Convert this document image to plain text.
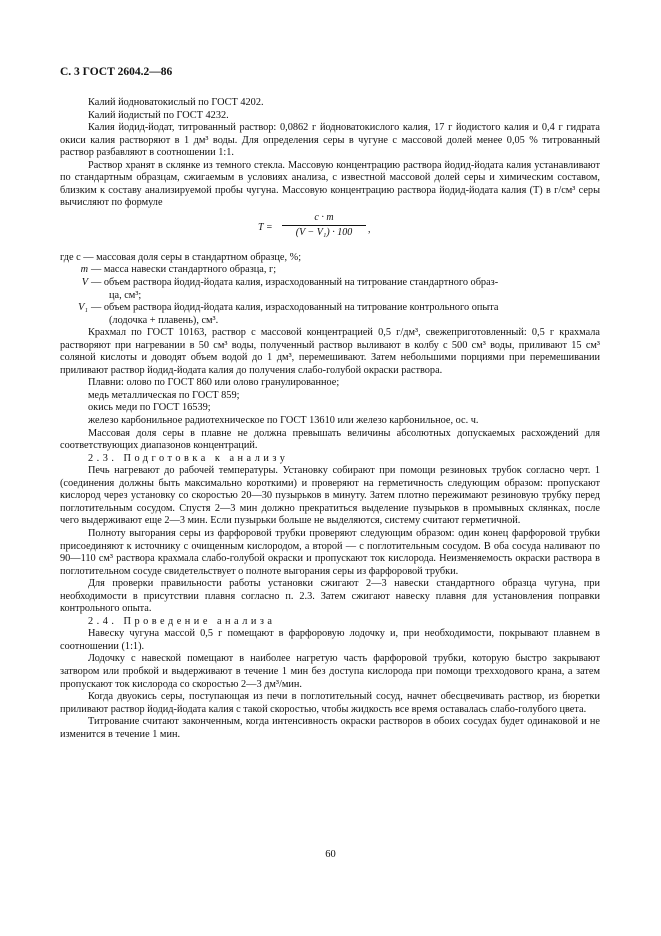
С. 3 ГОСТ 2604.2—86

Калий йодноватокислый по ГОСТ 4202.

Калий йодистый по ГОСТ 4232.

Калия йодид-йодат, титрованный раствор: 0,0862 г йодноватокислого калия, 17 г йодистого калия и 0,4 г гидрата окиси калия растворяют в 1 дм³ воды. Для определения серы в чугуне с массовой долей менее 0,05 % титрованный раствор разбавляют в соотношении 1:1.

Раствор хранят в склянке из темного стекла. Массовую концентрацию раствора йодид-йодата калия устанавливают по стандартным образцам, сжигаемым в условиях анализа, с известной массовой долей серы и химическим составом, близким к составу анализируемой пробы чугуна. Массовую концентрацию раствора йодид-йодата калия (Т) в г/см³ серы вычисляют по формуле

$T = \frac{c \cdot m}{\text{(V − V₁) · 100}}$ ,

где c — массовая доля серы в стандартном образце, %;

m — масса навески стандартного образца, г;
V — объем раствора йодид-йодата калия, израсходованный на титрование стандартного образ-
ца, см³;
V₁ — объем раствора йодид-йодата калия, израсходованный на титрование контрольного опыта
(лодочка + плавень), см³.

Крахмал по ГОСТ 10163, раствор с массовой концентрацией 0,5 г/дм³, свежеприготовленный: 0,5 г крахмала растворяют при нагревании в 50 см³ воды, полученный раствор выливают в колбу с 500 см³ воды, приливают 15 см³ соляной кислоты и доводят объем водой до 1 дм³, перемешивают. Затем небольшими порциями при перемешивании приливают раствор йодид-йодата калия до получения слабо-голубой окраски раствора.

Плавни: олово по ГОСТ 860 или олово гранулированное;

медь металлическая по ГОСТ 859;

окись меди по ГОСТ 16539;

железо карбонильное радиотехническое по ГОСТ 13610 или железо карбонильное, ос. ч.

Массовая доля серы в плавне не должна превышать величины абсолютных допускаемых расхождений для соответствующих диапазонов концентраций.

2.3. Подготовка к анализу

Печь нагревают до рабочей температуры. Установку собирают при помощи резиновых трубок согласно черт. 1 (соединения должны быть максимально короткими) и проверяют на герметичность следующим образом: пропускают кислород через установку со скоростью 20—30 пузырьков в минуту. Затем плотно пережимают резиновую трубку перед поглотительным сосудом. Спустя 2—3 мин должно прекратиться выделение пузырьков в промывных склянках, после чего выдерживают еще 2—3 мин. Если пузырьки больше не выделяются, систему считают герметичной.

Полноту выгорания серы из фарфоровой трубки проверяют следующим образом: один конец фарфоровой трубки присоединяют к источнику с очищенным кислородом, а второй — с поглотительным сосудом. В оба сосуда наливают по 90—110 см³ раствора крахмала слабо-голубой окраски и пропускают ток кислорода. Неизменяемость окраски раствора в поглотительном сосуде свидетельствует о полноте выгорания серы из фарфоровой трубки.

Для проверки правильности работы установки сжигают 2—3 навески стандартного образца чугуна, при необходимости в присутствии плавня согласно п. 2.3. Затем сжигают навеску плавня для установления поправки контрольного опыта.

2.4. Проведение анализа

Навеску чугуна массой 0,5 г помещают в фарфоровую лодочку и, при необходимости, покрывают плавнем в соотношении (1:1).

Лодочку с навеской помещают в наиболее нагретую часть фарфоровой трубки, которую быстро закрывают затвором или пробкой и выдерживают в течение 1 мин без доступа кислорода при помощи трехходового крана, а затем пропускают ток кислорода со скоростью 2—3 дм³/мин.

Когда двуокись серы, поступающая из печи в поглотительный сосуд, начнет обесцвечивать раствор, из бюретки приливают раствор йодид-йодата калия с такой скоростью, чтобы жидкость все время оставалась слабо-голубого цвета.

Титрование считают законченным, когда интенсивность окраски растворов в обоих сосудах будет одинаковой и не изменится в течение 1 мин.

60
